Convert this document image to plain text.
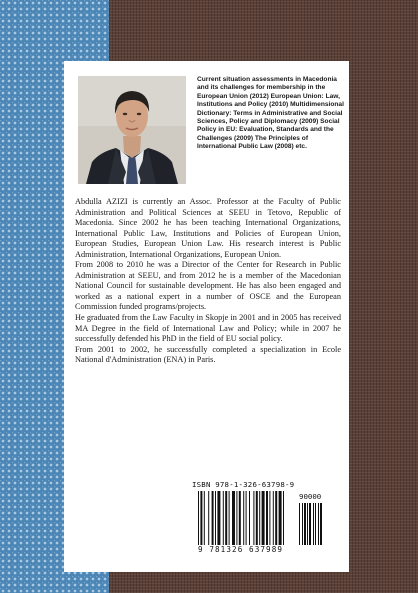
Current situation assessments in Macedonia and its challenges for membership in the European Union (2012) European Union: Law, Institutions and Policy (2010) Multidimensional Dictionary: Terms in Administrative and Social Sciences, Policy and Diplomacy (2009) Social Policy in EU: Evaluation, Standards and the Challenges (2009) The Principles of International Public Law (2008) etc.

Abdulla AZIZI is currently an Assoc. Professor at the Faculty of Public Administration and Political Sciences at SEEU in Tetovo, Republic of Macedonia. Since 2002 he has been teaching International Organizations, International Public Law, Institutions and Policies of European Union, European Studies, European Union Law. His research interest is Public Administration, International Organizations, European Union.

From 2008 to 2010 he was a Director of the Center for Research in Public Administration at SEEU, and from 2012 he is a member of the Macedonian National Council for sustainable development. He has also been engaged and worked as a national expert in a number of OSCE and the European Commission funded programs/projects.

He graduated from the Law Faculty in Skopje in 2001 and in 2005 has received MA Degree in the field of International Law and Policy; while in 2007 he successfully defended his PhD in the field of EU social policy.

From 2001 to 2002, he successfully completed a specialization in Ecole National d'Administration (ENA) in Paris.

ISBN 978-1-326-63798-9
90000
9 781326 637989
